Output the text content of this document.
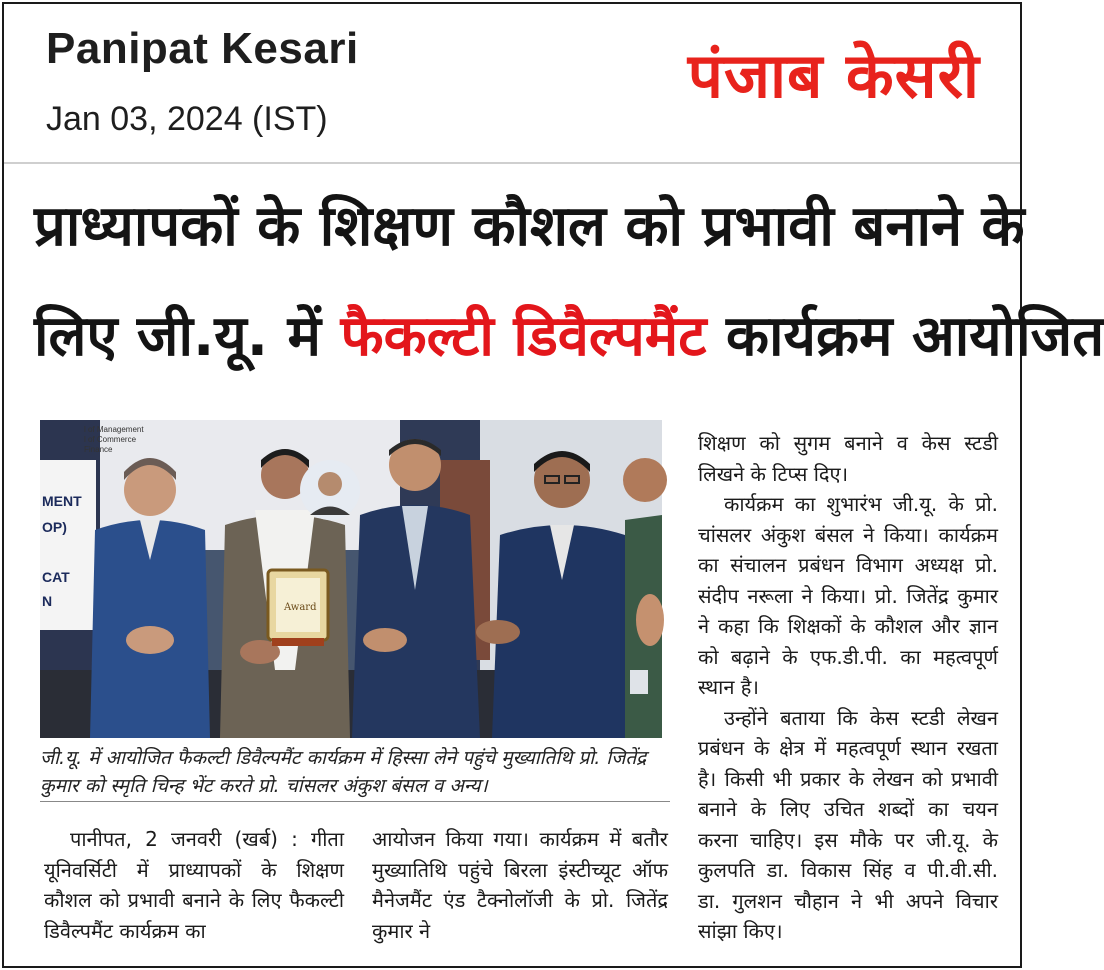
Panipat Kesari
Jan 03, 2024 (IST)
पंजाब केसरी
प्राध्यापकों के शिक्षण कौशल को प्रभावी बनाने के
लिए जी.यू. में फैकल्टी डिवैल्पमैंट कार्यक्रम आयोजित
MENT
OP)
CAT
N
l of Management
l of Commerce
Finance
Award
जी.यू. में आयोजित फैकल्टी डिवैल्पमैंट कार्यक्रम में हिस्सा लेने पहुंचे मुख्यातिथि प्रो. जितेंद्र कुमार को स्मृति चिन्ह भेंट करते प्रो. चांसलर अंकुश बंसल व अन्य।

पानीपत, 2 जनवरी (खर्ब) : गीता यूनिवर्सिटी में प्राध्यापकों के शिक्षण कौशल को प्रभावी बनाने के लिए फैकल्टी डिवैल्पमैंट कार्यक्रम का

आयोजन किया गया। कार्यक्रम में बतौर मुख्यातिथि पहुंचे बिरला इंस्टीच्यूट ऑफ मैनेजमैंट एंड टैक्नोलॉजी के प्रो. जितेंद्र कुमार ने

शिक्षण को सुगम बनाने व केस स्टडी लिखने के टिप्स दिए।

कार्यक्रम का शुभारंभ जी.यू. के प्रो. चांसलर अंकुश बंसल ने किया। कार्यक्रम का संचालन प्रबंधन विभाग अध्यक्ष प्रो. संदीप नरूला ने किया। प्रो. जितेंद्र कुमार ने कहा कि शिक्षकों के कौशल और ज्ञान को बढ़ाने के एफ.डी.पी. का महत्वपूर्ण स्थान है।

उन्होंने बताया कि केस स्टडी लेखन प्रबंधन के क्षेत्र में महत्वपूर्ण स्थान रखता है। किसी भी प्रकार के लेखन को प्रभावी बनाने के लिए उचित शब्दों का चयन करना चाहिए। इस मौके पर जी.यू. के कुलपति डा. विकास सिंह व पी.वी.सी. डा. गुलशन चौहान ने भी अपने विचार सांझा किए।
